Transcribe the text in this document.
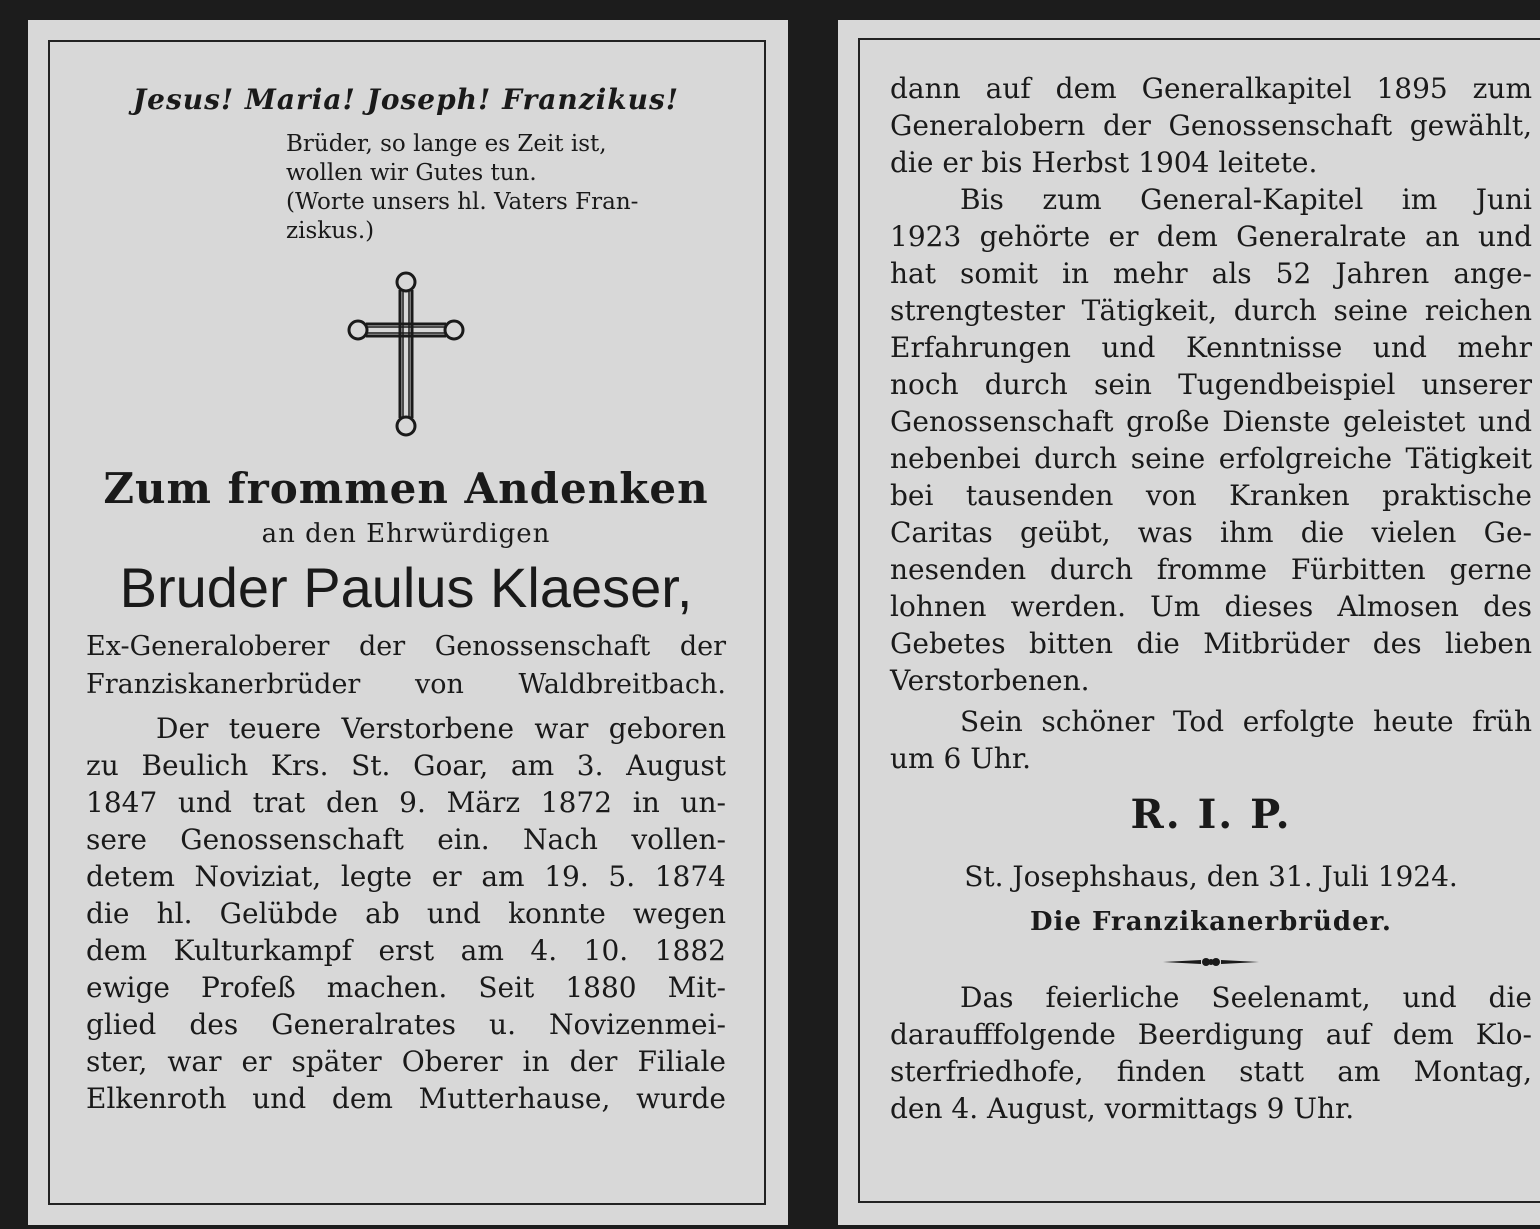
Jesus! Maria! Joseph! Franzikus!

Brüder, so lange es Zeit ist,
wollen wir Gutes tun.
(Worte unsers hl. Vaters Fran-
ziskus.)

Zum frommen Andenken

an den Ehrwürdigen

Bruder Paulus Klaeser,

Ex-Generaloberer der Genossenschaft der
Franziskanerbrüder von Waldbreitbach.
Der teuere Verstorbene war geboren
zu Beulich Krs. St. Goar, am 3. August
1847 und trat den 9. März 1872 in un-
sere Genossenschaft ein. Nach vollen-
detem Noviziat, legte er am 19. 5. 1874
die hl. Gelübde ab und konnte wegen
dem Kulturkampf erst am 4. 10. 1882
ewige Profeß machen. Seit 1880 Mit-
glied des Generalrates u. Novizenmei-
ster, war er später Oberer in der Filiale
Elkenroth und dem Mutterhause, wurde
dann auf dem Generalkapitel 1895 zum
Generalobern der Genossenschaft gewählt,
die er bis Herbst 1904 leitete.
Bis zum General-Kapitel im Juni
1923 gehörte er dem Generalrate an und
hat somit in mehr als 52 Jahren ange-
strengtester Tätigkeit, durch seine reichen
Erfahrungen und Kenntnisse und mehr
noch durch sein Tugendbeispiel unserer
Genossenschaft große Dienste geleistet und
nebenbei durch seine erfolgreiche Tätigkeit
bei tausenden von Kranken praktische
Caritas geübt, was ihm die vielen Ge-
nesenden durch fromme Fürbitten gerne
lohnen werden. Um dieses Almosen des
Gebetes bitten die Mitbrüder des lieben
Verstorbenen.
Sein schöner Tod erfolgte heute früh
um 6 Uhr.

R. I. P.

St. Josephshaus, den 31. Juli 1924.

Die Franzikanerbrüder.

Das feierliche Seelenamt, und die
daraufffolgende Beerdigung auf dem Klo-
sterfriedhofe, finden statt am Montag,
den 4. August, vormittags 9 Uhr.
